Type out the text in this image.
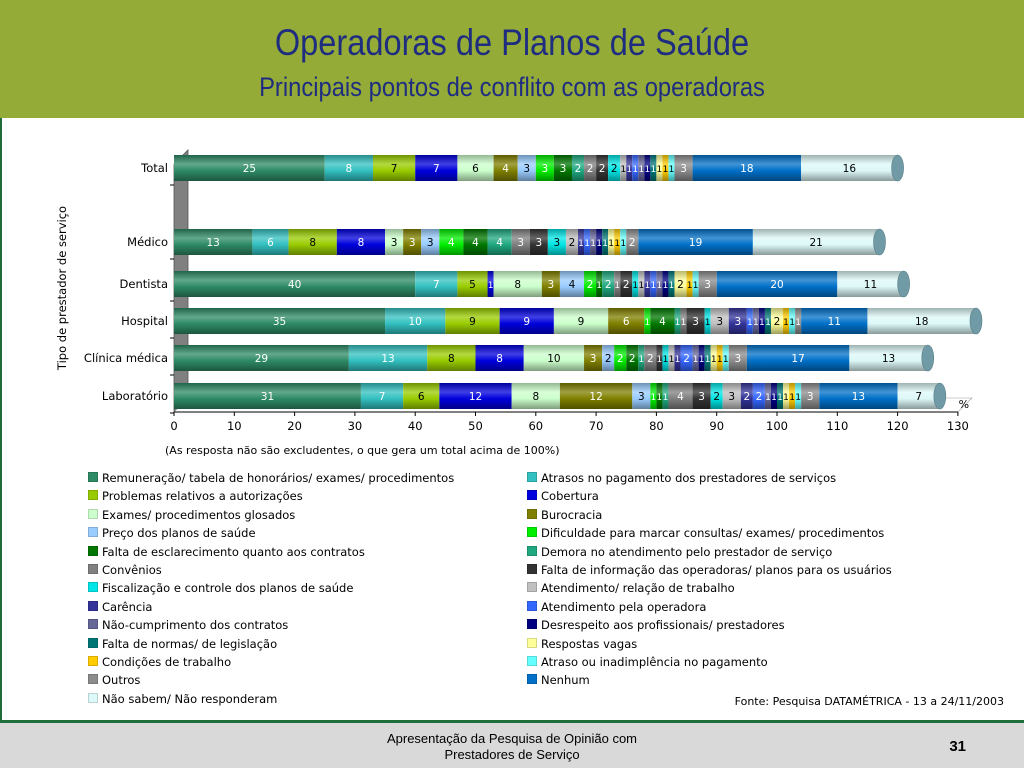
Operadoras de Planos de Saúde
Principais pontos de conflito com as operadoras
0	10	20	30	40	50	60	70	80	90	100	110	120	130
%
Tipo de prestador de serviço
Total	25	8	7	7	6 4 3 3 3 2 2 2 2 1 1 1 1 1 1 1 1 1 3	18	16
Médico	13	6	8	8	3 3 3 4 4 4 3 3 3 2 1 1 1 1 1 1 1 1 2	19	21
Dentista	40	7	5 1 8	3 4 2 1 2 1 2 1 1 1 1 1 1 1 2 1 1 3	20	11
Hospital	35	10	9	9	9	6 1 4 1 1 3 1 3 3 1 1 1 1 2 1 1 1	11	18
Clínica médica	29	13	8	8	10	3 2 2 2 1 2 1 1 1 1 2 1 1 1 1 1 1 3	17	13
Laboratório	31	7	6	12	8	12	3 1 1 1 4 3 2 3 2 2 1 1 1 1 1 1 3	13	7
(As resposta não são excludentes, o que gera um total acima de 100%)
Remuneração/ tabela de honorários/ exames/ procedimentos	Atrasos no pagamento dos prestadores de serviços
Problemas relativos a autorizações	Cobertura
Exames/ procedimentos glosados	Burocracia
Preço dos planos de saúde	Dificuldade para marcar consultas/ exames/ procedimentos
Falta de esclarecimento quanto aos contratos	Demora no atendimento pelo prestador de serviço
Convênios	Falta de informação das operadoras/ planos para os usuários
Fiscalização e controle dos planos de saúde	Atendimento/ relação de trabalho
Carência	Atendimento pela operadora
Não-cumprimento dos contratos	Desrespeito aos profissionais/ prestadores
Falta de normas/ de legislação	Respostas vagas
Condições de trabalho	Atraso ou inadimplência no pagamento
Outros	Nenhum
Não sabem/ Não responderam	Fonte: Pesquisa DATAMÉTRICA - 13 a 24/11/2003
Apresentação da Pesquisa de Opinião com
Prestadores de Serviço	31
